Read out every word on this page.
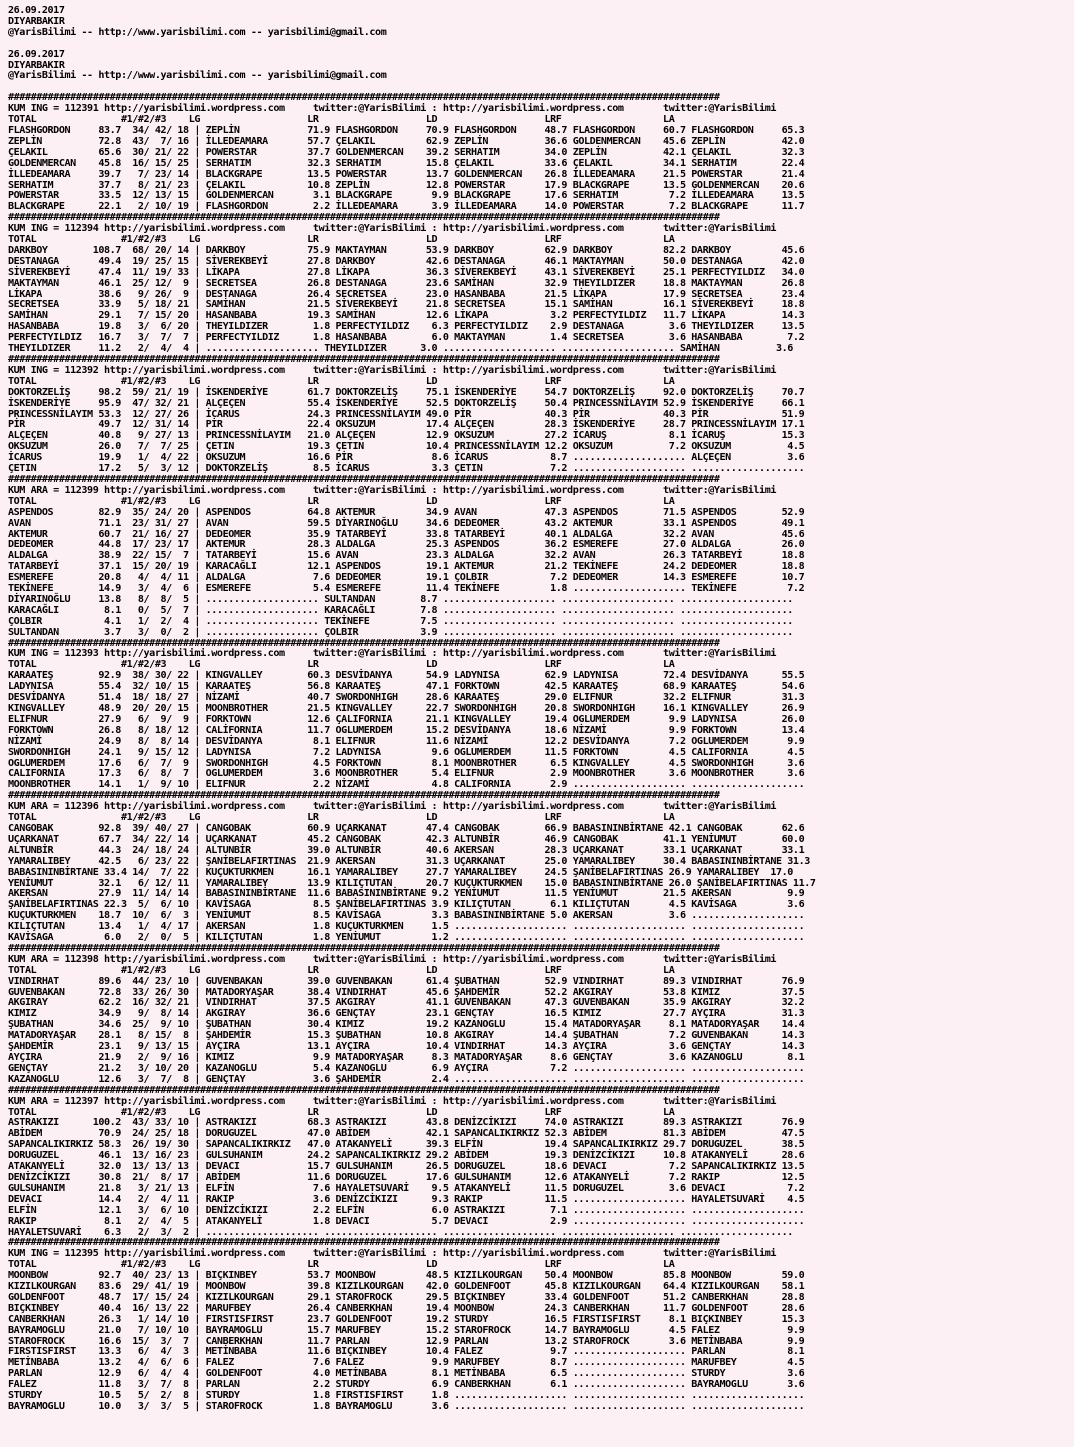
26.09.2017
DIYARBAKIR
@YarisBilimi -- http://www.yarisbilimi.com -- yarisbilimi@gmail.com
26.09.2017
DIYARBAKIR
@YarisBilimi -- http://www.yarisbilimi.com -- yarisbilimi@gmail.com
##############################################################################################################################
KUM ING = 112391 http://yarisbilimi.wordpress.com     twitter:@YarisBilimi : http://yarisbilimi.wordpress.com       twitter:@YarisBilimi
TOTAL               #1/#2/#3    LG                   LR                   LD                   LRF                  LA
FLASHGORDON     83.7  34/ 42/ 18 | ZEPLİN            71.9 FLASHGORDON     70.9 FLASHGORDON     48.7 FLASHGORDON     60.7 FLASHGORDON     65.3
ZEPLİN          72.8  43/  7/ 16 | İLLEDEAMARA       57.7 ÇELAKIL         62.9 ZEPLİN          36.6 GOLDENMERCAN    45.6 ZEPLİN          42.0
ÇELAKIL         65.6  30/ 21/ 22 | POWERSTAR         37.7 GOLDENMERCAN    39.2 SERHATIM        34.0 ZEPLİN          42.1 ÇELAKIL         32.3
GOLDENMERCAN    45.8  16/ 15/ 25 | SERHATIM          32.3 SERHATIM        15.8 ÇELAKIL         33.6 ÇELAKIL         34.1 SERHATIM        22.4
İLLEDEAMARA     39.7   7/ 23/ 14 | BLACKGRAPE        13.5 POWERSTAR       13.7 GOLDENMERCAN    26.8 İLLEDEAMARA     21.5 POWERSTAR       21.4
SERHATIM        37.7   8/ 21/ 23 | ÇELAKIL           10.8 ZEPLİN          12.8 POWERSTAR       17.9 BLACKGRAPE      13.5 GOLDENMERCAN    20.6
POWERSTAR       33.5  12/ 13/ 15 | GOLDENMERCAN       3.1 BLACKGRAPE       9.9 BLACKGRAPE      17.6 SERHATIM         7.2 İLLEDEAMARA     13.5
BLACKGRAPE      22.1   2/ 10/ 19 | FLASHGORDON        2.2 İLLEDEAMARA      3.9 İLLEDEAMARA     14.0 POWERSTAR        7.2 BLACKGRAPE      11.7
##############################################################################################################################
KUM ING = 112394 http://yarisbilimi.wordpress.com     twitter:@YarisBilimi : http://yarisbilimi.wordpress.com       twitter:@YarisBilimi
TOTAL               #1/#2/#3    LG                   LR                   LD                   LRF                  LA
DARKBOY        108.7  68/ 20/ 14 | DARKBOY           75.9 MAKTAYMAN       53.9 DARKBOY         62.9 DARKBOY         82.2 DARKBOY         45.6
DESTANAGA       49.4  19/ 25/ 15 | SİVEREKBEYİ       27.8 DARKBOY         42.6 DESTANAGA       46.1 MAKTAYMAN       50.0 DESTANAGA       42.0
SİVEREKBEYİ     47.4  11/ 19/ 33 | LİKAPA            27.8 LİKAPA          36.3 SİVEREKBEYİ     43.1 SİVEREKBEYİ     25.1 PERFECTYILDIZ   34.0
MAKTAYMAN       46.1  25/ 12/  9 | SECRETSEA         26.8 DESTANAGA       23.6 SAMİHAN         32.9 THEYILDIZER     18.8 MAKTAYMAN       26.8
LİKAPA          38.6   9/ 26/  9 | DESTANAGA         26.4 SECRETSEA       23.0 HASANBABA       21.5 LİKAPA          17.9 SECRETSEA       23.4
SECRETSEA       33.9   5/ 18/ 21 | SAMİHAN           21.5 SİVEREKBEYİ     21.8 SECRETSEA       15.1 SAMİHAN         16.1 SİVEREKBEYİ     18.8
SAMİHAN         29.1   7/ 15/ 20 | HASANBABA         19.3 SAMİHAN         12.6 LİKAPA           3.2 PERFECTYILDIZ   11.7 LİKAPA          14.3
HASANBABA       19.8   3/  6/ 20 | THEYILDIZER        1.8 PERFECTYILDIZ    6.3 PERFECTYILDIZ    2.9 DESTANAGA        3.6 THEYILDIZER     13.5
PERFECTYILDIZ   16.7   3/  7/  7 | PERFECTYILDIZ      1.8 HASANBABA        6.0 MAKTAYMAN        1.4 SECRETSEA        3.6 HASANBABA        7.2
THEYILDIZER     11.2   2/  4/  4 | .................... THEYILDIZER      3.0 .................... .................... SAMİHAN          3.6
##############################################################################################################################
KUM ING = 112392 http://yarisbilimi.wordpress.com     twitter:@YarisBilimi : http://yarisbilimi.wordpress.com       twitter:@YarisBilimi
TOTAL               #1/#2/#3    LG                   LR                   LD                   LRF                  LA
DOKTORZELİŞ     98.2  59/ 21/ 19 | İSKENDERİYE       61.7 DOKTORZELİŞ     75.1 İSKENDERİYE     54.7 DOKTORZELİŞ     92.0 DOKTORZELİŞ     70.7
İSKENDERİYE     95.9  47/ 32/ 21 | ALÇEÇEN           55.4 İSKENDERİYE     52.5 DOKTORZELİŞ     50.4 PRINCESSNİLAYIM 52.9 İSKENDERİYE     66.1
PRINCESSNİLAYIM 53.3  12/ 27/ 26 | İCARUS            24.3 PRINCESSNİLAYIM 49.0 PİR             40.3 PİR             40.3 PİR             51.9
PİR             49.7  12/ 31/ 14 | PİR               22.4 OKSUZUM         17.4 ALÇEÇEN         28.3 İSKENDERİYE     28.7 PRINCESSNİLAYIM 17.1
ALÇEÇEN         40.8   9/ 27/ 13 | PRINCESSNİLAYIM   21.0 ALÇEÇEN         12.9 OKSUZUM         27.2 İCARUŞ           8.1 İCARUŞ          15.3
OKSUZUM         26.0   7/  7/ 25 | ÇETIN             19.3 ÇETIN           10.4 PRINCESSNİLAYIM 12.2 OKSUZUM          7.2 OKSUZUM          4.5
İCARUS          19.9   1/  4/ 22 | OKSUZUM           16.6 PİR              8.6 İCARUS           8.7 .................... ALÇEÇEN          3.6
ÇETIN           17.2   5/  3/ 12 | DOKTORZELİŞ        8.5 İCARUS           3.3 ÇETIN            7.2 .................... ....................
##############################################################################################################################
KUM ARA = 112399 http://yarisbilimi.wordpress.com     twitter:@YarisBilimi : http://yarisbilimi.wordpress.com       twitter:@YarisBilimi
TOTAL               #1/#2/#3    LG                   LR                   LD                   LRF                  LA
ASPENDOS        82.9  35/ 24/ 20 | ASPENDOS          64.8 AKTEMUR         34.9 AVAN            47.3 ASPENDOS        71.5 ASPENDOS        52.9
AVAN            71.1  23/ 31/ 27 | AVAN              59.5 DİYARINOĞLU     34.6 DEDEOMER        43.2 AKTEMUR         33.1 ASPENDOS        49.1
AKTEMUR         60.7  21/ 16/ 27 | DEDEOMER          35.9 TATARBEYİ       33.8 TATARBEYİ       40.1 ALDALGA         32.2 AVAN            45.6
DEDEOMER        44.8  17/ 23/ 17 | AKTEMUR           28.3 ALDALGA         25.3 ASPENDOS        36.2 ESMEREFE        27.0 ALDALGA         26.0
ALDALGA         38.9  22/ 15/  7 | TATARBEYİ         15.6 AVAN            23.3 ALDALGA         32.2 AVAN            26.3 TATARBEYİ       18.8
TATARBEYİ       37.1  15/ 20/ 19 | KARACAĞLI         12.1 ASPENDOS        19.1 AKTEMUR         21.2 TEKİNEFE        24.2 DEDEOMER        18.8
ESMEREFE        20.8   4/  4/ 11 | ALDALGA            7.6 DEDEOMER        19.1 ÇOLBIR           7.2 DEDEOMER        14.3 ESMEREFE        10.7
TEKİNEFE        14.9   3/  4/  6 | ESMEREFE           5.4 ESMEREFE        11.4 TEKİNEFE         1.8 .................... TEKİNEFE         7.2
DİYARINOĞLU     13.8   8/  8/  5 | .................... SULTANDAN        8.7 .................... .................... ....................
KARACAĞLI        8.1   0/  5/  7 | .................... KARACAĞLI        7.8 .................... .................... ....................
ÇOLBIR           4.1   1/  2/  4 | .................... TEKİNEFE         7.5 .................... .................... ....................
SULTANDAN        3.7   3/  0/  2 | .................... ÇOLBIR           3.9 .................... .................... ....................
##############################################################################################################################
KUM ING = 112393 http://yarisbilimi.wordpress.com     twitter:@YarisBilimi : http://yarisbilimi.wordpress.com       twitter:@YarisBilimi
TOTAL               #1/#2/#3    LG                   LR                   LD                   LRF                  LA
KARAATEŞ        92.9  38/ 30/ 22 | KINGVALLEY        60.3 DESVİDANYA      54.9 LADYNISA        62.9 LADYNISA        72.4 DESVİDANYA      55.5
LADYNISA        55.4  32/ 10/ 15 | KARAATEŞ          56.8 KARAATEŞ        47.1 FORKTOWN        42.5 KARAATEŞ        68.9 KARAATEŞ        54.6
DESVİDANYA      51.4  18/ 18/ 27 | NİZAMİ            40.7 SWORDONHIGH     28.6 KARAATEŞ        29.0 ELIFNUR         32.2 ELIFNUR         31.3
KINGVALLEY      48.9  20/ 20/ 15 | MOONBROTHER       21.5 KINGVALLEY      22.7 SWORDONHIGH     20.8 SWORDONHIGH     16.1 KINGVALLEY      26.9
ELIFNUR         27.9   6/  9/  9 | FORKTOWN          12.6 ÇALIFORNIA      21.1 KINGVALLEY      19.4 OGLUMERDEM       9.9 LADYNISA        26.0
FORKTOWN        26.8   8/ 18/ 12 | CALİFORNIA        11.7 OGLUMERDEM      15.2 DESVİDANYA      18.6 NİZAMİ           9.9 FORKTOWN        13.4
NİZAMİ          24.9   8/  8/ 14 | DESVİDANYA         8.1 ELIFNUR         11.6 NİZAMİ          12.2 DESVİDANYA       7.2 OGLUMERDEM       9.9
SWORDONHIGH     24.1   9/ 15/ 12 | LADYNISA           7.2 LADYNISA         9.6 OGLUMERDEM      11.5 FORKTOWN         4.5 CALIFORNIA       4.5
OGLUMERDEM      17.6   6/  7/  9 | SWORDONHIGH        4.5 FORKTOWN         8.1 MOONBROTHER      6.5 KINGVALLEY       4.5 SWORDONHIGH      3.6
CALIFORNIA      17.3   6/  8/  7 | OGLUMERDEM         3.6 MOONBROTHER      5.4 ELIFNUR          2.9 MOONBROTHER      3.6 MOONBROTHER      3.6
MOONBROTHER     14.1   1/  9/ 10 | ELIFNUR            2.2 NİZAMİ           4.8 CALIFORNIA       2.9 .................... ....................
##############################################################################################################################
KUM ARA = 112396 http://yarisbilimi.wordpress.com     twitter:@YarisBilimi : http://yarisbilimi.wordpress.com       twitter:@YarisBilimi
TOTAL               #1/#2/#3    LG                   LR                   LD                   LRF                  LA
CANGOBAK        92.8  39/ 40/ 27 | CANGOBAK          60.9 UÇARKANAT       47.4 CANGOBAK        66.9 BABASININBİRTANE 42.1 CANGOBAK       62.6
UÇARKANAT       67.7  34/ 22/ 14 | UÇARKANAT         45.2 CANGOBAK        42.3 ALTUNBİR        46.9 CANGOBAK        41.1 YENİUMUT        60.0
ALTUNBİR        44.3  24/ 18/ 24 | ALTUNBİR          39.0 ALTUNBİR        40.6 AKERSAN         28.3 UÇARKANAT       33.1 UÇARKANAT       33.1
YAMARALIBEY     42.5   6/ 23/ 22 | ŞANİBELAFIRTINAS  21.9 AKERSAN         31.3 UÇARKANAT       25.0 YAMARALIBEY     30.4 BABASININBİRTANE 31.3
BABASININBİRTANE 33.4 14/  7/ 22 | KUÇUKTURKMEN      16.1 YAMARALIBEY     27.7 YAMARALIBEY     24.5 ŞANİBELAFIRTINAS 26.9 YAMARALIBEY  17.0
YENİUMUT        32.1   6/ 12/ 11 | YAMARALIBEY       13.9 KILIÇTUTAN      20.7 KUÇUKTURKMEN    15.0 BABASININBİRTANE 26.0 ŞANİBELAFIRTINAS 11.7
AKERSAN         27.9  11/ 14/ 14 | BABASININBİRTANE  11.6 BABASININBİRTANE 9.2 YENİUMUT        11.5 YENİUMUT        21.5 AKERSAN          9.9
ŞANİBELAFIRTINAS 22.3  5/  6/ 10 | KAVİSAGA           8.5 ŞANİBELAFIRTINAS 3.9 KILIÇTUTAN       6.1 KILIÇTUTAN       4.5 KAVİSAGA         3.6
KUÇUKTURKMEN    18.7  10/  6/  3 | YENİUMUT           8.5 KAVİSAGA         3.3 BABASININBİRTANE 5.0 AKERSAN          3.6 ....................
KILIÇTUTAN      13.4   1/  4/ 17 | AKERSAN            1.8 KUÇUKTURKMEN     1.5 .................... .................... ....................
KAVİSAGA         6.0   2/  0/  5 | KILIÇTUTAN         1.8 YENİUMUT         1.2 .................... .................... ....................
##############################################################################################################################
KUM ARA = 112398 http://yarisbilimi.wordpress.com     twitter:@YarisBilimi : http://yarisbilimi.wordpress.com       twitter:@YarisBilimi
TOTAL               #1/#2/#3    LG                   LR                   LD                   LRF                  LA
VINDIRHAT       89.6  44/ 23/ 10 | GUVENBAKAN        39.0 GUVENBAKAN      61.4 ŞUBATHAN        52.9 VINDIRHAT       89.3 VINDIRHAT       76.9
GUVENBAKAN      72.8  33/ 26/ 30 | MATADORYAŞAR      38.4 VINDIRHAT       45.6 ŞAHDEMİR        52.2 AKGIRAY         53.8 KIMIZ           37.5
AKGIRAY         62.2  16/ 32/ 21 | VINDIRHAT         37.5 AKGIRAY         41.1 GUVENBAKAN      47.3 GUVENBAKAN      35.9 AKGIRAY         32.2
KIMIZ           34.9   9/  8/ 14 | AKGIRAY           36.6 GENÇTAY         23.1 GENÇTAY         16.5 KIMIZ           27.7 AYÇIRA          31.3
ŞUBATHAN        34.6  25/  9/ 10 | ŞUBATHAN          30.4 KIMIZ           19.2 KAZANOGLU       15.4 MATADORYAŞAR     8.1 MATADORYAŞAR    14.4
MATADORYAŞAR    28.1   8/ 15/  8 | ŞAHDEMİR          15.3 ŞUBATHAN        10.8 AKGIRAY         14.4 ŞUBATHAN         7.2 GUVENBAKAN      14.3
ŞAHDEMİR        23.1   9/ 13/ 15 | AYÇIRA            13.1 AYÇIRA          10.4 VINDIRHAT       14.3 AYÇIRA           3.6 GENÇTAY         14.3
AYÇIRA          21.9   2/  9/ 16 | KIMIZ              9.9 MATADORYAŞAR     8.3 MATADORYAŞAR     8.6 GENÇTAY          3.6 KAZANOGLU        8.1
GENÇTAY         21.2   3/ 10/ 20 | KAZANOGLU          5.4 KAZANOGLU        6.9 AYÇIRA           7.2 .................... ....................
KAZANOGLU       12.6   3/  7/  8 | GENÇTAY            3.6 ŞAHDEMİR         2.4 .................... .................... ....................
##############################################################################################################################
KUM ARA = 112397 http://yarisbilimi.wordpress.com     twitter:@YarisBilimi : http://yarisbilimi.wordpress.com       twitter:@YarisBilimi
TOTAL               #1/#2/#3    LG                   LR                   LD                   LRF                  LA
ASTRAKIZI      100.2  43/ 33/ 10 | ASTRAKIZI         68.3 ASTRAKIZI       43.8 DENİZCİKIZI     74.0 ASTRAKIZI       89.3 ASTRAKIZI       76.9
ABİDEM          70.9  24/ 25/ 18 | DORUGUZEL         47.0 ABİDEM          42.1 SAPANCALIKIRKIZ 52.3 ABİDEM          81.3 ABİDEM          47.5
SAPANCALIKIRKIZ 58.3  26/ 19/ 30 | SAPANCALIKIRKIZ   47.0 ATAKANYELİ      39.3 ELFİN           19.4 SAPANCALIKIRKIZ 29.7 DORUGUZEL       38.5
DORUGUZEL       46.1  13/ 16/ 23 | GULSUHANIM        24.2 SAPANCALIKIRKIZ 29.2 ABİDEM          19.3 DENİZCİKIZI     10.8 ATAKANYELİ      28.6
ATAKANYELİ      32.0  13/ 13/ 13 | DEVACI            15.7 GULSUHANIM      26.5 DORUGUZEL       18.6 DEVACI           7.2 SAPANCALIKIRKIZ 13.5
DENİZCİKIZI     30.8  21/  8/ 17 | ABİDEM            11.6 DORUGUZEL       17.6 GULSUHANIM      12.6 ATAKANYELİ       7.2 RAKIP           12.5
GULSUHANIM      21.8   3/ 21/ 13 | ELFİN              7.6 HAYALETSUVARİ    9.5 ATAKANYELİ      11.5 DORUGUZEL        3.6 DEVACI           7.2
DEVACI          14.4   2/  4/ 11 | RAKIP              3.6 DENİZCİKIZI      9.3 RAKIP           11.5 .................... HAYALETSUVARİ    4.5
ELFİN           12.1   3/  6/ 10 | DENİZCİKIZI        2.2 ELFİN            6.0 ASTRAKIZI        7.1 .................... ....................
RAKIP            8.1   2/  4/  5 | ATAKANYELİ         1.8 DEVACI           5.7 DEVACI           2.9 .................... ....................
HAYALETSUVARİ    6.3   2/  3/  2 | .................... .................... .................... .................... ....................
##############################################################################################################################
KUM ING = 112395 http://yarisbilimi.wordpress.com     twitter:@YarisBilimi : http://yarisbilimi.wordpress.com       twitter:@YarisBilimi
TOTAL               #1/#2/#3    LG                   LR                   LD                   LRF                  LA
MOONBOW         92.7  40/ 23/ 13 | BIÇKINBEY         53.7 MOONBOW         48.5 KIZILKOURGAN    50.4 MOONBOW         85.8 MOONBOW         59.0
KIZILKOURGAN    83.6  29/ 41/ 19 | MOONBOW           39.8 KIZILKOURGAN    42.0 GOLDENFOOT      45.8 KIZILKOURGAN    64.4 KIZILKOURGAN    58.1
GOLDENFOOT      48.7  17/ 15/ 24 | KIZILKOURGAN      29.1 STAROFROCK      29.5 BIÇKINBEY       33.4 GOLDENFOOT      51.2 CANBERKHAN      28.8
BIÇKINBEY       40.4  16/ 13/ 22 | MARUFBEY          26.4 CANBERKHAN      19.4 MOONBOW         24.3 CANBERKHAN      11.7 GOLDENFOOT      28.6
CANBERKHAN      26.3   1/ 14/ 10 | FIRSTISFIRST      23.7 GOLDENFOOT      19.2 STURDY          16.5 FIRSTISFIRST     8.1 BIÇKINBEY       15.3
BAYRAMOGLU      21.0   7/ 10/ 10 | BAYRAMOGLU        15.7 MARUFBEY        15.2 STAROFROCK      14.7 BAYRAMOGLU       4.5 FALEZ            9.9
STAROFROCK      16.6  15/  3/  7 | CANBERKHAN        11.7 PARLAN          12.9 PARLAN          13.2 STAROFROCK       3.6 METİNBABA        9.9
FIRSTISFIRST    13.3   6/  4/  3 | METİNBABA         11.6 BIÇKINBEY       10.4 FALEZ            9.7 .................... PARLAN           8.1
METİNBABA       13.2   4/  6/  6 | FALEZ              7.6 FALEZ            9.9 MARUFBEY         8.7 .................... MARUFBEY         4.5
PARLAN          12.9   6/  4/  4 | GOLDENFOOT         4.0 METİNBABA        8.1 METİNBABA        6.5 .................... STURDY           3.6
FALEZ           11.8   3/  7/  8 | PARLAN             2.2 STURDY           6.9 CANBERKHAN       6.1 .................... BAYRAMOGLU       3.6
STURDY          10.5   5/  2/  8 | STURDY             1.8 FIRSTISFIRST     1.8 .................... .................... ....................
BAYRAMOGLU      10.0   3/  3/  5 | STAROFROCK         1.8 BAYRAMOGLU       3.6 .................... .................... ....................
